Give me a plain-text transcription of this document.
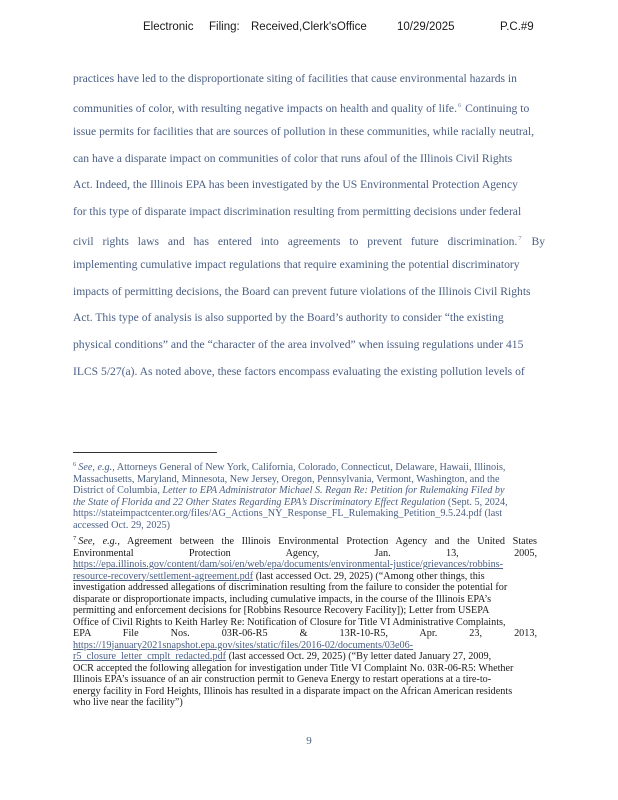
Electronic Filing: Received,Clerk'sOffice	10/29/2025	P.C.#9
practices have led to the disproportionate siting of facilities that cause environmental hazards in
communities of color, with resulting negative impacts on health and quality of life.$^6$ Continuing to
issue permits for facilities that are sources of pollution in these communities, while racially neutral,
can have a disparate impact on communities of color that runs afoul of the Illinois Civil Rights
Act. Indeed, the Illinois EPA has been investigated by the US Environmental Protection Agency
for this type of disparate impact discrimination resulting from permitting decisions under federal
civil rights laws and has entered into agreements to prevent future discrimination.$^7$ By
implementing cumulative impact regulations that require examining the potential discriminatory
impacts of permitting decisions, the Board can prevent future violations of the Illinois Civil Rights
Act. This type of analysis is also supported by the Board’s authority to consider “the existing
physical conditions” and the “character of the area involved” when issuing regulations under 415
ILCS 5/27(a). As noted above, these factors encompass evaluating the existing pollution levels of
$^6$ See, e.g., Attorneys General of New York, California, Colorado, Connecticut, Delaware, Hawaii, Illinois,
Massachusetts, Maryland, Minnesota, New Jersey, Oregon, Pennsylvania, Vermont, Washington, and the
District of Columbia, Letter to EPA Administrator Michael S. Regan Re: Petition for Rulemaking Filed by
the State of Florida and 22 Other States Regarding EPA’s Discriminatory Effect Regulation (Sept. 5, 2024,
https://stateimpactcenter.org/files/AG_Actions_NY_Response_FL_Rulemaking_Petition_9.5.24.pdf (last
accessed Oct. 29, 2025)
$^7$ See, e.g., Agreement between the Illinois Environmental Protection Agency and the United States
Environmental Protection Agency, Jan. 13, 2005,
https://epa.illinois.gov/content/dam/soi/en/web/epa/documents/environmental-justice/grievances/robbins-
resource-recovery/settlement-agreement.pdf (last accessed Oct. 29, 2025) (“Among other things, this
investigation addressed allegations of discrimination resulting from the failure to consider the potential for
disparate or disproportionate impacts, including cumulative impacts, in the course of the Illinois EPA’s
permitting and enforcement decisions for [Robbins Resource Recovery Facility]); Letter from USEPA
Office of Civil Rights to Keith Harley Re: Notification of Closure for Title VI Administrative Complaints,
EPA File Nos. 03R-06-R5 & 13R-10-R5, Apr. 23, 2013,
https://19january2021snapshot.epa.gov/sites/static/files/2016-02/documents/03e06-
r5_closure_letter_cmplt_redacted.pdf (last accessed Oct. 29, 2025) (“By letter dated January 27, 2009,
OCR accepted the following allegation for investigation under Title VI Complaint No. 03R-06-R5: Whether
Illinois EPA’s issuance of an air construction permit to Geneva Energy to restart operations at a tire-to-
energy facility in Ford Heights, Illinois has resulted in a disparate impact on the African American residents
who live near the facility”)
9
